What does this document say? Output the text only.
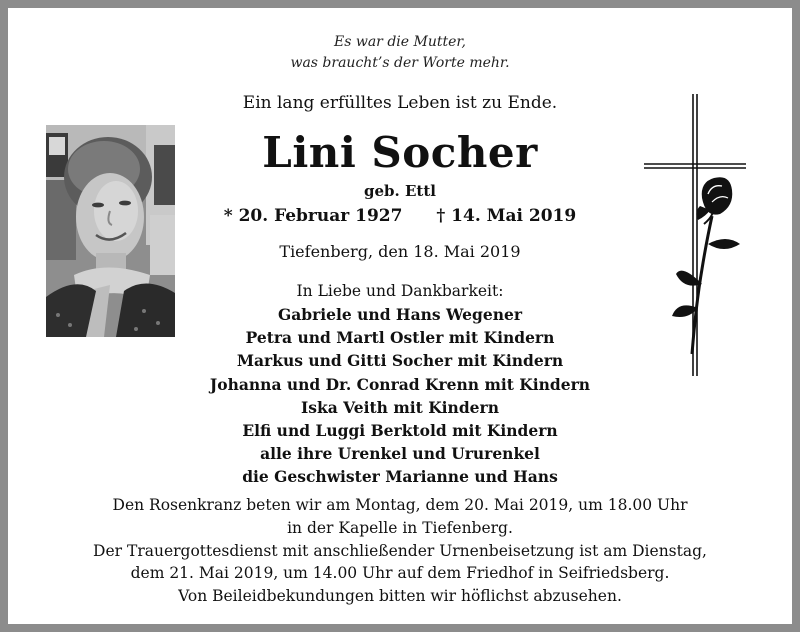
Es war die Mutter,
was braucht’s der Worte mehr.
Ein lang erfülltes Leben ist zu Ende.
Lini Socher
geb. Ettl
* 20. Februar 1927 † 14. Mai 2019
Tiefenberg, den 18. Mai 2019
In Liebe und Dankbarkeit:
Gabriele und Hans Wegener
Petra und Martl Ostler mit Kindern
Markus und Gitti Socher mit Kindern
Johanna und Dr. Conrad Krenn mit Kindern
Iska Veith mit Kindern
Elfi und Luggi Berktold mit Kindern
alle ihre Urenkel und Ururenkel
die Geschwister Marianne und Hans
Den Rosenkranz beten wir am Montag, dem 20. Mai 2019, um 18.00 Uhr
in der Kapelle in Tiefenberg.
Der Trauergottesdienst mit anschließender Urnenbeisetzung ist am Dienstag,
dem 21. Mai 2019, um 14.00 Uhr auf dem Friedhof in Seifriedsberg.
Von Beileidbekundungen bitten wir höflichst abzusehen.
